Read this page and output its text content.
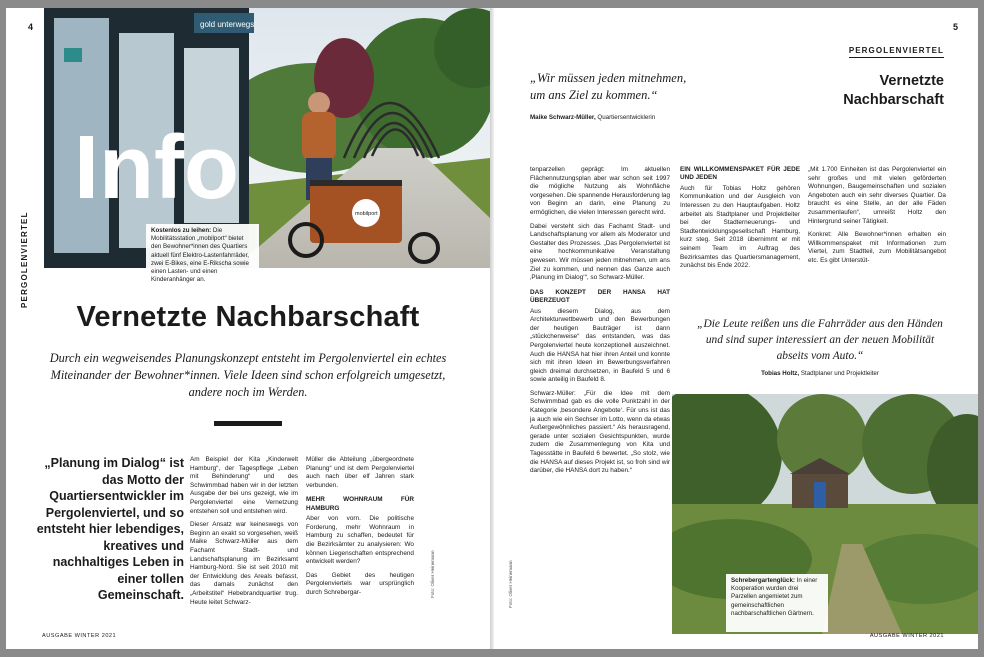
4
PERGOLENVIERTEL
gold unterwegs
Info	mobilport
Kostenlos zu leihen: Die Mobilitätsstation „mobilport“ bietet den Bewohner*innen des Quartiers aktuell fünf Elektro-Lastenfahrräder, zwei E-Bikes, eine E-Rikscha sowie einen Lasten- und einen Kinderanhänger an.
Vernetzte Nachbarschaft
Durch ein wegweisendes Planungskonzept entsteht im Pergolenviertel ein echtes Miteinander der Bewohner*innen. Viele Ideen sind schon erfolgreich umgesetzt, andere noch im Werden.
„Planung im Dialog“ ist das Motto der Quartiersentwickler im Pergolenviertel, und so entsteht hier lebendiges, kreatives und nachhaltiges Leben in einer tollen Gemeinschaft.

Am Beispiel der Kita „Kinderwelt Hamburg“, der Tagespflege „Leben mit Behinderung“ und des Schwimmbad haben wir in der letzten Ausgabe der bei uns gezeigt, wie im Pergolenviertel eine Vernetzung entstehen soll und entstehen wird.

Dieser Ansatz war keineswegs von Beginn an exakt so vorgesehen, weiß Maike Schwarz-Müller aus dem Fachamt Stadt- und Landschaftsplanung im Bezirksamt Hamburg-Nord. Sie ist seit 2010 mit der Entwicklung des Areals befasst, das damals zunächst den „Arbeitstitel“ Hebebrandquartier trug. Heute leitet Schwarz-

Müller die Abteilung „übergeordnete Planung“ und ist dem Pergolenviertel auch nach über elf Jahren stark verbunden.

MEHR WOHNRAUM FÜR HAMBURG

Aber von vorn. Die politische Forderung, mehr Wohnraum in Hamburg zu schaffen, bedeutet für die Bezirksämter zu analysieren: Wo können Liegenschaften entsprechend entwickelt werden?

Das Gebiet des heutigen Pergolenviertels war ursprünglich durch Schrebergar-	Foto: Oliver Heinemann
AUSGABE WINTER 2021
5
PERGOLENVIERTEL
Vernetzte
Nachbarschaft
„Wir müssen jeden mitnehmen,
um ans Ziel zu kommen.“
Maike Schwarz-Müller, Quartiersentwicklerin

tenparzellen geprägt: Im aktuellen Flächennutzungsplan aber war schon seit 1997 die mögliche Nutzung als Wohnfläche vorgesehen. Die spannende Herausforderung lag von Beginn an darin, eine Planung zu ermöglichen, die vielen Interessen gerecht wird.

Dabei versteht sich das Fachamt Stadt- und Landschaftsplanung vor allem als Moderator und Gestalter des Prozesses. „Das Pergolenviertel ist eine hochkommunikative Veranstaltung gewesen. Wir müssen jeden mitnehmen, um ans Ziel zu kommen, und nennen das Ganze auch ‚Planung im Dialog‘“, so Schwarz-Müller.

DAS KONZEPT DER HANSA HAT ÜBERZEUGT

Aus diesem Dialog, aus dem Architekturwettbewerb und den Bewerbungen der heutigen Bauträger ist dann „stückchenweise“ das entstanden, was das Pergolenviertel heute konzeptionell auszeichnet. Auch die HANSA hat hier ihren Anteil und konnte sich mit ihren Ideen im Bewerbungsverfahren gleich dreimal durchsetzen, in Baufeld 5 und 6 sowie anteilig in Baufeld 8.

Schwarz-Müller: „Für die Idee mit dem Schwimmbad gab es die volle Punktzahl in der Kategorie ‚besondere Angebote‘. Für uns ist das ja auch wie ein Sechser im Lotto, wenn da etwas Außergewöhnliches passiert.“ Als herausragend, gerade unter sozialen Gesichtspunkten, wurde zudem die Zusammenlegung von Kita und Tagesstätte in Baufeld 6 bewertet. „So stolz, wie die HANSA auf dieses Projekt ist, so froh sind wir darüber, die HANSA dort zu haben.“

EIN WILLKOMMENSPAKET FÜR JEDE UND JEDEN

Auch für Tobias Holtz gehören Kommunikation und der Ausgleich von Interessen zu den Hauptaufgaben. Holtz arbeitet als Stadtplaner und Projektleiter bei der Stadterneuerungs- und Stadtentwicklungsgesellschaft Hamburg, kurz steg. Seit 2018 übernimmt er mit seinem Team im Auftrag des Bezirksamtes das Quartiersmanagement, zunächst bis Ende 2022.

„Mit 1.700 Einheiten ist das Pergolenviertel ein sehr großes und mit vielen geförderten Wohnungen, Baugemeinschaften und sozialen Angeboten auch ein sehr diverses Quartier. Da braucht es eine Stelle, an der alle Fäden zusammenlaufen“, umreißt Holtz den Hintergrund seiner Tätigkeit.

Konkret: Alle Bewohner*innen erhalten ein Willkommenspaket mit Informationen zum Viertel, zum Stadtteil, zum Mobilitätsangebot etc. Es gibt Unterstüt-

„Die Leute reißen uns die Fahrräder aus den Händen und sind super interessiert an der neuen Mobilität abseits vom Auto.“
Tobias Holtz, Stadtplaner und Projektleiter
Foto: Oliver Heinemann	Schrebergartenglück: In einer Kooperation wurden drei Parzellen angemietet zum gemeinschaftlichen nachbarschaftlichen Gärtnern.
AUSGABE WINTER 2021
